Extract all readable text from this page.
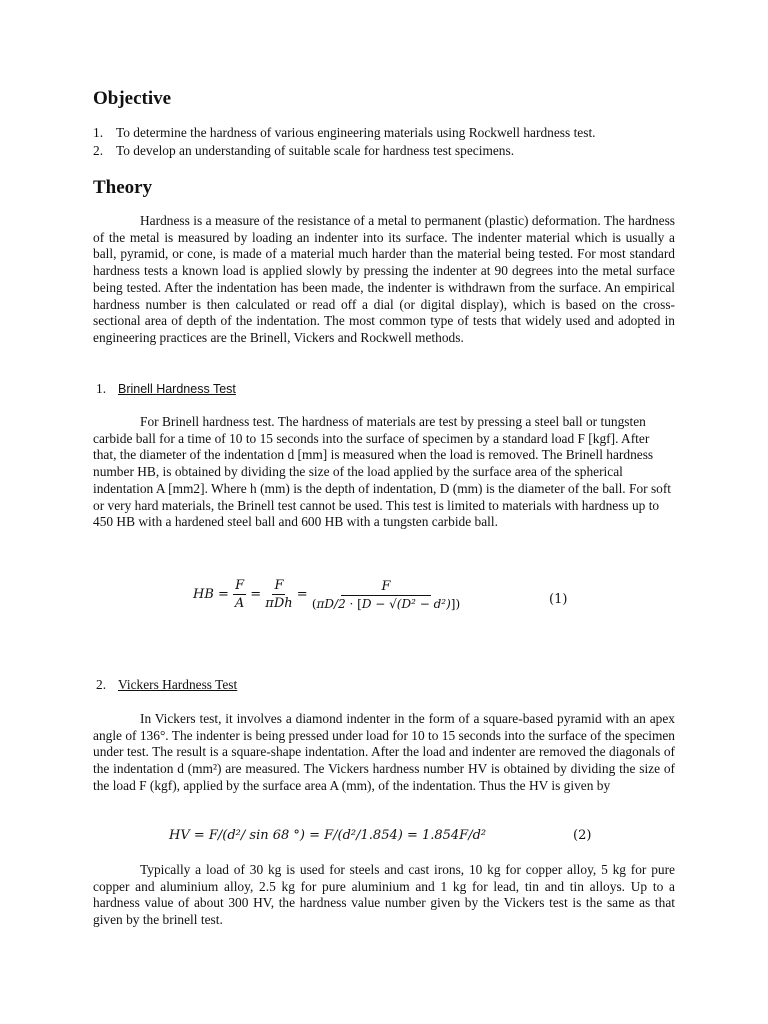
Objective
1. To determine the hardness of various engineering materials using Rockwell hardness test.
2. To develop an understanding of suitable scale for hardness test specimens.
Theory

Hardness is a measure of the resistance of a metal to permanent (plastic) deformation. The hardness of the metal is measured by loading an indenter into its surface. The indenter material which is usually a ball, pyramid, or cone, is made of a material much harder than the material being tested. For most standard hardness tests a known load is applied slowly by pressing the indenter at 90 degrees into the metal surface being tested. After the indentation has been made, the indenter is withdrawn from the surface. An empirical hardness number is then calculated or read off a dial (or digital display), which is based on the cross-sectional area of depth of the indentation. The most common type of tests that widely used and adopted in engineering practices are the Brinell, Vickers and Rockwell methods.

1. Brinell Hardness Test

For Brinell hardness test. The hardness of materials are test by pressing a steel ball or tungsten carbide ball for a time of 10 to 15 seconds into the surface of specimen by a standard load F [kgf]. After that, the diameter of the indentation d [mm] is measured when the load is removed. The Brinell hardness number HB, is obtained by dividing the size of the load applied by the surface area of the spherical indentation A [mm2]. Where h (mm) is the depth of indentation, D (mm) is the diameter of the ball. For soft or very hard materials, the Brinell test cannot be used. This test is limited to materials with hardness up to 450 HB with a hardened steel ball and 600 HB with a tungsten carbide ball.

HB = $\frac{F}{A} = \frac{F}{\text{πDh}} = \frac{F}{\text{(πD/2 · [D − √(D² − d²)])}}$	(1)
2. Vickers Hardness Test

In Vickers test, it involves a diamond indenter in the form of a square-based pyramid with an apex angle of 136°. The indenter is being pressed under load for 10 to 15 seconds into the surface of the specimen under test. The result is a square-shape indentation. After the load and indenter are removed the diagonals of the indentation d (mm²) are measured. The Vickers hardness number HV is obtained by dividing the size of the load F (kgf), applied by the surface area A (mm), of the indentation. Thus the HV is given by

HV = F/(d²/ sin 68 °) = F/(d²/1.854) = 1.854F/d²	(2)

Typically a load of 30 kg is used for steels and cast irons, 10 kg for copper alloy, 5 kg for pure copper and aluminium alloy, 2.5 kg for pure aluminium and 1 kg for lead, tin and tin alloys. Up to a hardness value of about 300 HV, the hardness value number given by the Vickers test is the same as that given by the brinell test.
